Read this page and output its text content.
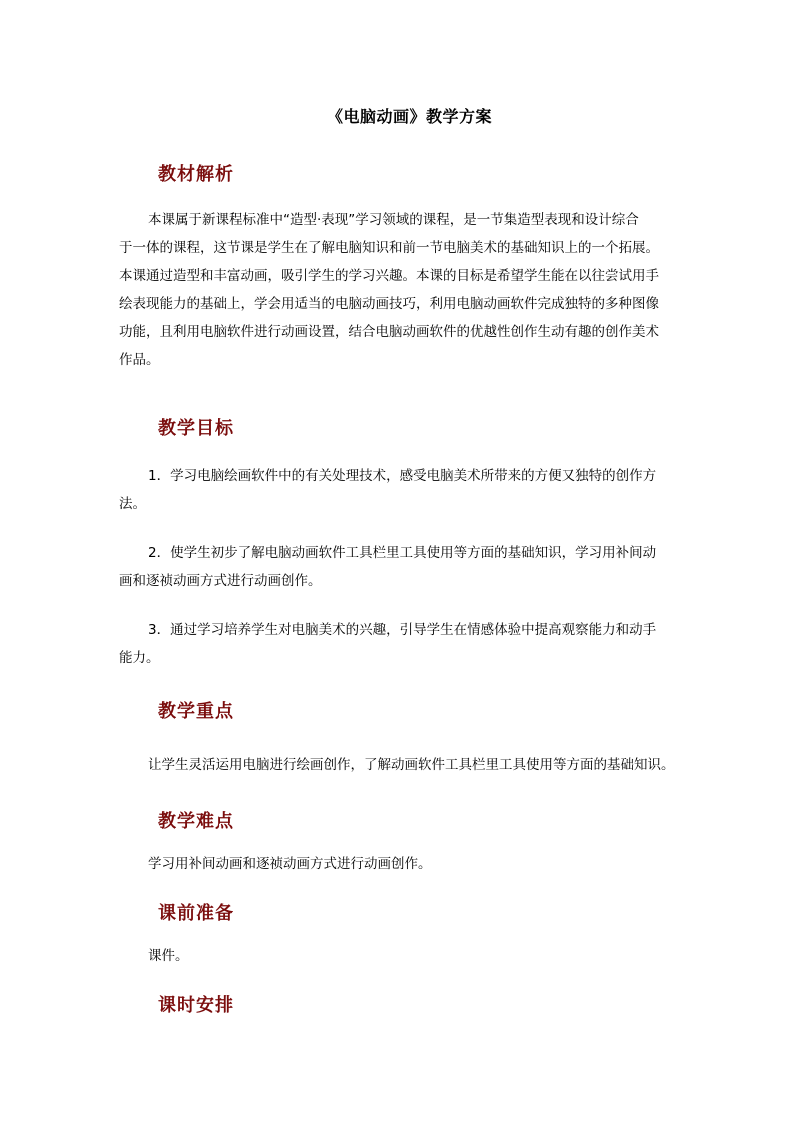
《电脑动画》教学方案
教材解析
本课属于新课程标准中“造型·表现”学习领域的课程，是一节集造型表现和设计综合
于一体的课程，这节课是学生在了解电脑知识和前一节电脑美术的基础知识上的一个拓展。
本课通过造型和丰富动画，吸引学生的学习兴趣。本课的目标是希望学生能在以往尝试用手
绘表现能力的基础上，学会用适当的电脑动画技巧，利用电脑动画软件完成独特的多种图像
功能，且利用电脑软件进行动画设置，结合电脑动画软件的优越性创作生动有趣的创作美术
作品。
教学目标
1．学习电脑绘画软件中的有关处理技术，感受电脑美术所带来的方便又独特的创作方
法。
2．使学生初步了解电脑动画软件工具栏里工具使用等方面的基础知识，学习用补间动
画和逐祯动画方式进行动画创作。
3．通过学习培养学生对电脑美术的兴趣，引导学生在情感体验中提高观察能力和动手
能力。
教学重点
让学生灵活运用电脑进行绘画创作，了解动画软件工具栏里工具使用等方面的基础知识。
教学难点
学习用补间动画和逐祯动画方式进行动画创作。
课前准备
课件。
课时安排
